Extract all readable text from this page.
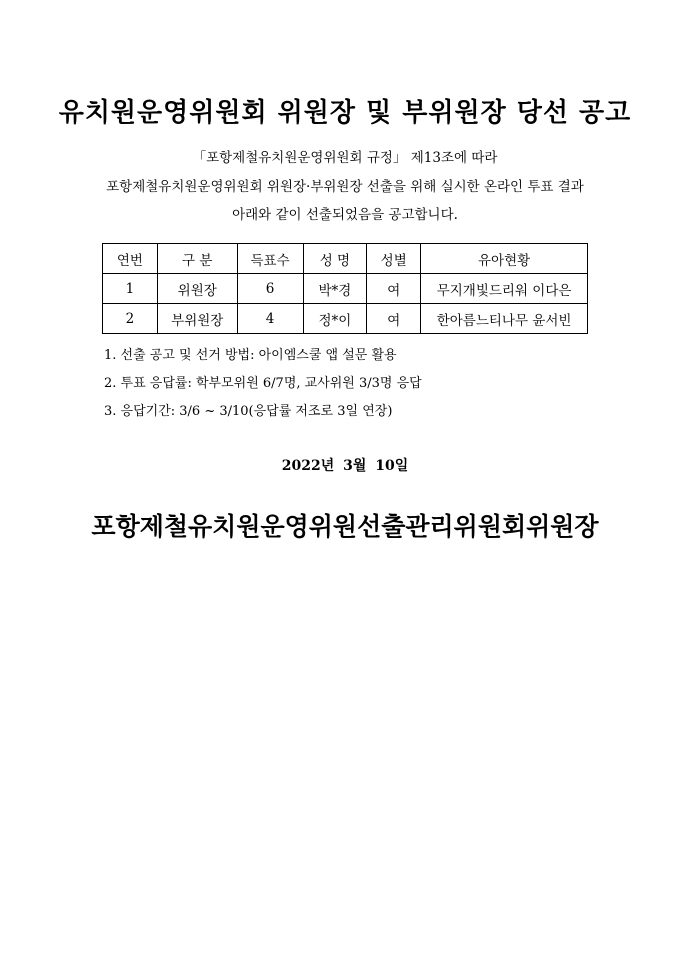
유치원운영위원회 위원장 및 부위원장 당선 공고
「포항제철유치원운영위원회 규정」 제13조에 따라
포항제철유치원운영위원회 위원장·부위원장 선출을 위해 실시한 온라인 투표 결과
아래와 같이 선출되었음을 공고합니다.
연번	구 분	득표수	성 명	성별	유아현황
1	위원장	6	박*경	여	무지개빛드리워 이다은
2	부위원장	4	정*이	여	한아름느티나무 윤서빈
1. 선출 공고 및 선거 방법: 아이엠스쿨 앱 설문 활용
2. 투표 응답률: 학부모위원 6/7명, 교사위원 3/3명 응답
3. 응답기간: 3/6 ~ 3/10(응답률 저조로 3일 연장)
2022년 3월 10일
포항제철유치원운영위원선출관리위원회위원장
